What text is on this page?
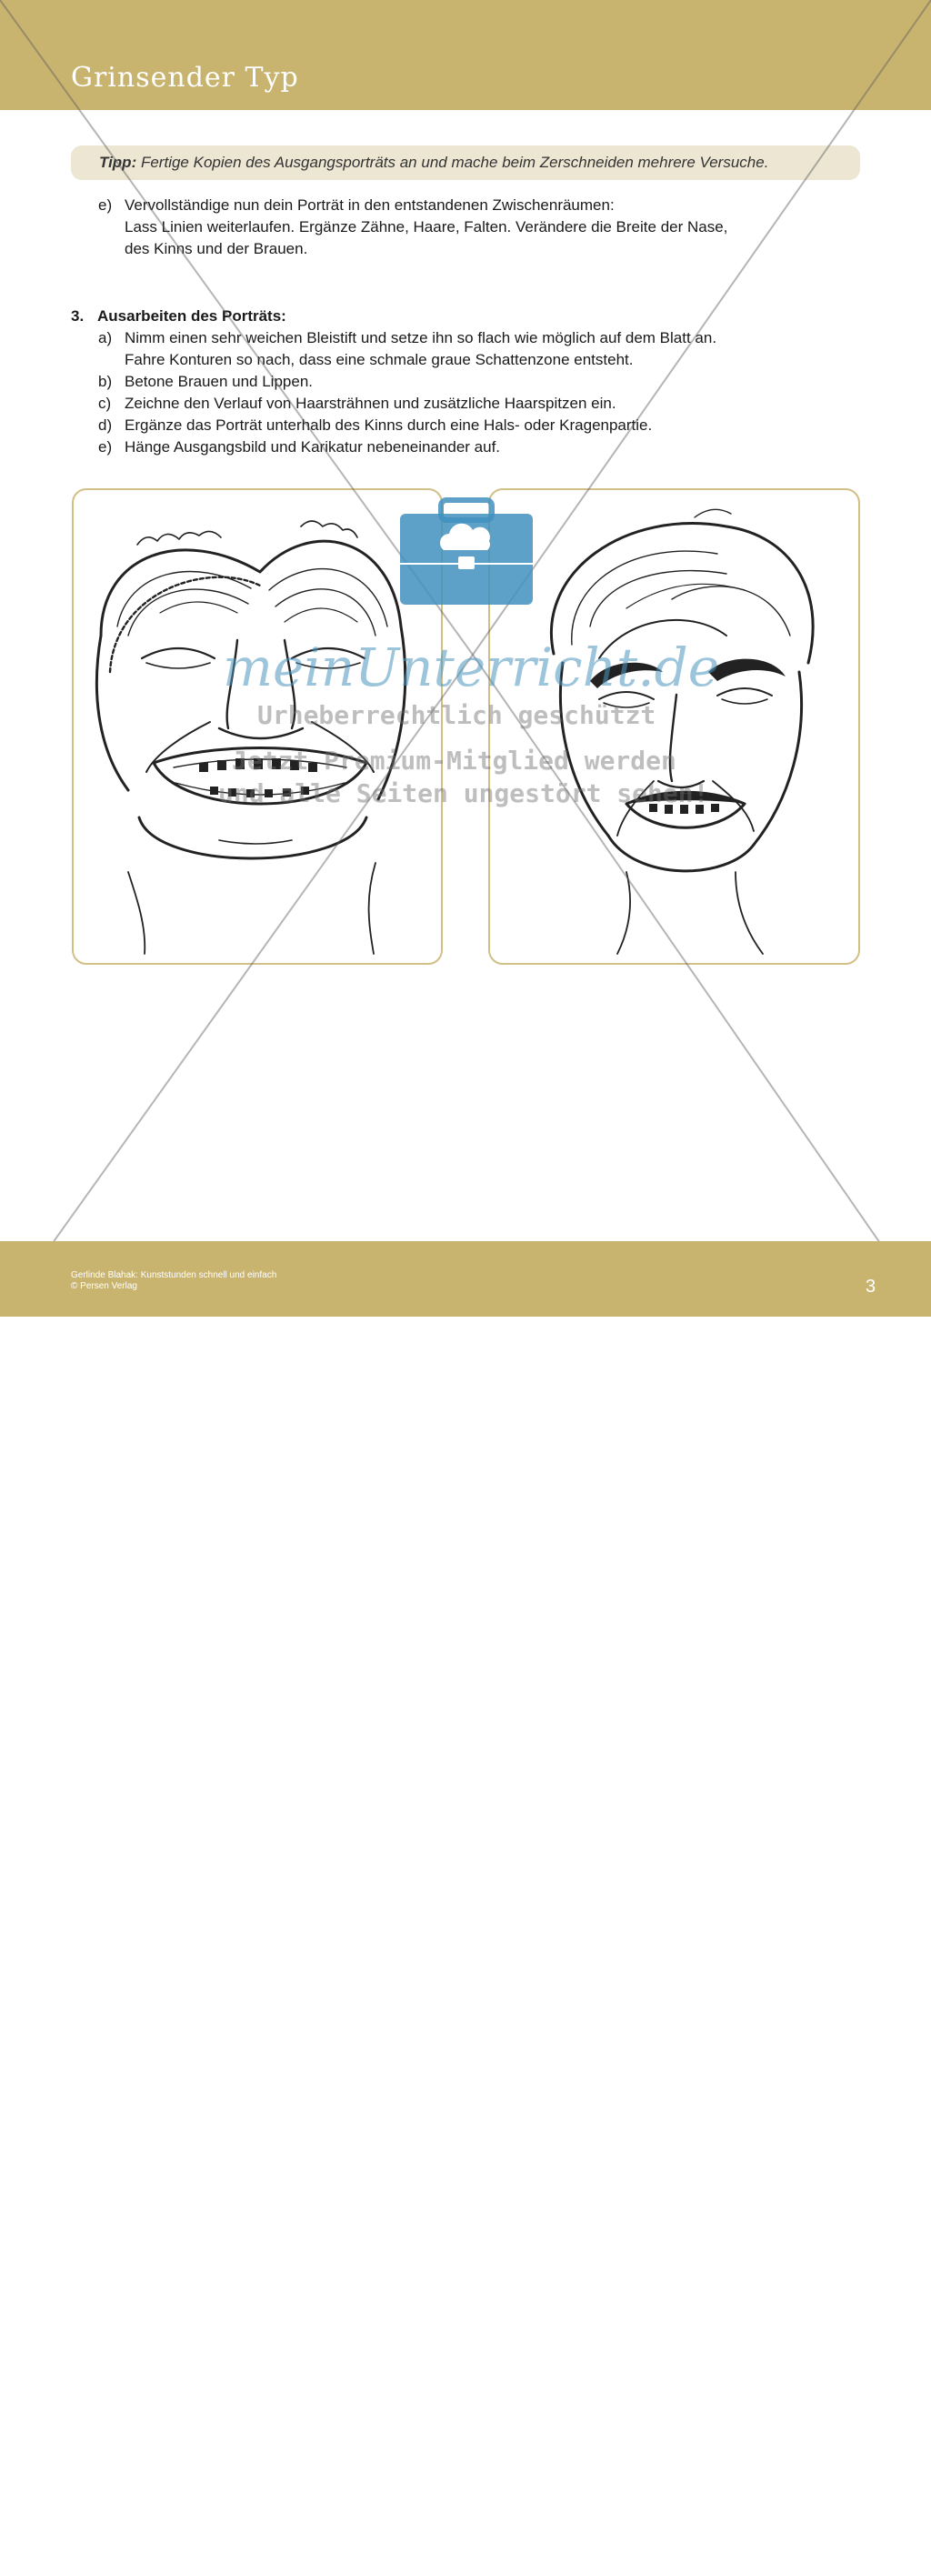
Grinsender Typ
Tipp: Fertige Kopien des Ausgangsporträts an und mache beim Zerschneiden mehrere Versuche.
e) Vervollständige nun dein Porträt in den entstandenen Zwischenräumen:
Lass Linien weiterlaufen. Ergänze Zähne, Haare, Falten. Verändere die Breite der Nase,
des Kinns und der Brauen.
3. Ausarbeiten des Porträts:
a) Nimm einen sehr weichen Bleistift und setze ihn so flach wie möglich auf dem Blatt an.
Fahre Konturen so nach, dass eine schmale graue Schattenzone entsteht.
b) Betone Brauen und Lippen.
c) Zeichne den Verlauf von Haarsträhnen und zusätzliche Haarspitzen ein.
d) Ergänze das Porträt unterhalb des Kinns durch eine Hals- oder Kragenpartie.
e) Hänge Ausgangsbild und Karikatur nebeneinander auf.
meinUnterricht.de
Urheberrechtlich geschützt
Jetzt Premium-Mitglied werden
und alle Seiten ungestört sehen!
3
Gerlinde Blahak: Kunststunden schnell und einfach
© Persen Verlag	3
